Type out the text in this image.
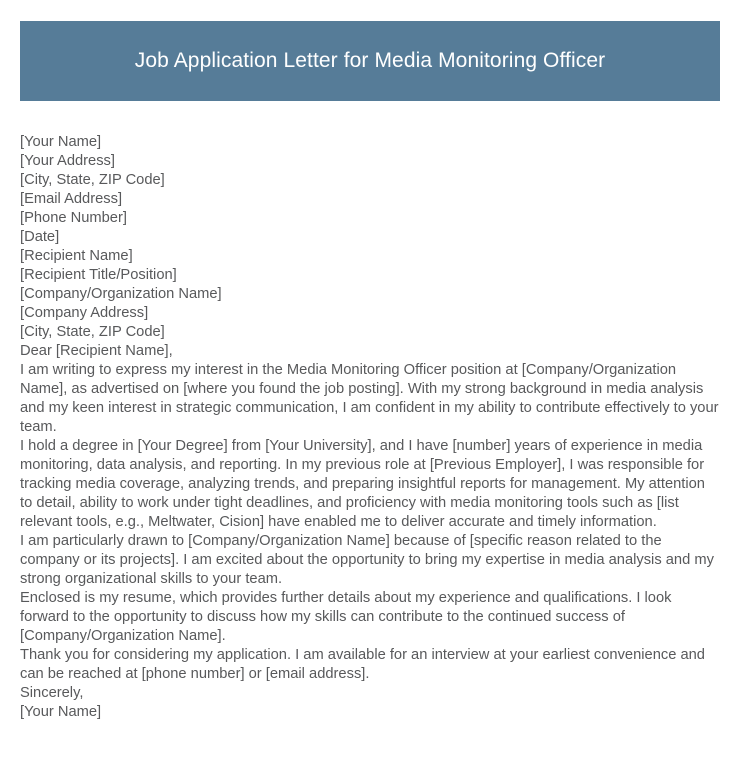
Job Application Letter for Media Monitoring Officer

[Your Name]

[Your Address]

[City, State, ZIP Code]

[Email Address]

[Phone Number]

[Date]

[Recipient Name]

[Recipient Title/Position]

[Company/Organization Name]

[Company Address]

[City, State, ZIP Code]

Dear [Recipient Name],

I am writing to express my interest in the Media Monitoring Officer position at [Company/Organization Name], as advertised on [where you found the job posting]. With my strong background in media analysis and my keen interest in strategic communication, I am confident in my ability to contribute effectively to your team.

I hold a degree in [Your Degree] from [Your University], and I have [number] years of experience in media monitoring, data analysis, and reporting. In my previous role at [Previous Employer], I was responsible for tracking media coverage, analyzing trends, and preparing insightful reports for management. My attention to detail, ability to work under tight deadlines, and proficiency with media monitoring tools such as [list relevant tools, e.g., Meltwater, Cision] have enabled me to deliver accurate and timely information.

I am particularly drawn to [Company/Organization Name] because of [specific reason related to the company or its projects]. I am excited about the opportunity to bring my expertise in media analysis and my strong organizational skills to your team.

Enclosed is my resume, which provides further details about my experience and qualifications. I look forward to the opportunity to discuss how my skills can contribute to the continued success of [Company/Organization Name].

Thank you for considering my application. I am available for an interview at your earliest convenience and can be reached at [phone number] or [email address].

Sincerely,

[Your Name]
